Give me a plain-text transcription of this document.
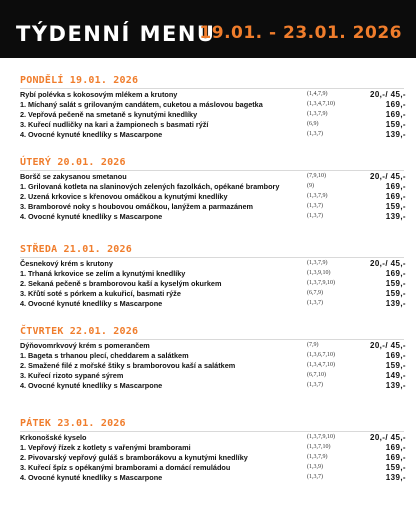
TÝDENNÍ MENU
19.01. - 23.01. 2026
PONDĚLÍ 19.01. 2026
Rybí polévka s kokosovým mlékem a krutony	(1,4,7,9)	20,-/ 45,-
1. Míchaný salát s grilovaným candátem, cuketou a máslovou bagetka	(1,3,4,7,10)	169,-
2. Vepřová pečeně na smetaně s kynutými knedlíky	(1,3,7,9)	169,-
3. Kuřecí nudličky na kari a žampionech s basmati rýží	(6,9)	159,-
4. Ovocné kynuté knedlíky s Mascarpone	(1,3,7)	139,-
ÚTERÝ 20.01. 2026
Boršč se zakysanou smetanou	(7,9,10)	20,-/ 45,-
1. Grilovaná kotleta na slaninových zelených fazolkách, opékané brambory	(9)	169,-
2. Uzená krkovice s křenovou omáčkou a kynutými knedlíky	(1,3,7,9)	169,-
3. Bramborové noky s houbovou omáčkou, lanýžem a parmazánem	(1,3,7)	159,-
4. Ovocné kynuté knedlíky s Mascarpone	(1,3,7)	139,-
STŘEDA 21.01. 2026
Česnekový krém s krutony	(1,3,7,9)	20,-/ 45,-
1. Trhaná krkovice se zelím a kynutými knedlíky	(1,3,9,10)	169,-
2. Sekaná pečeně s bramborovou kaší a kyselým okurkem	(1,3,7,9,10)	159,-
3. Křůtí soté s pórkem a kukuřicí, basmati rýže	(6,7,9)	159,-
4. Ovocné kynuté knedlíky s Mascarpone	(1,3,7)	139,-
ČTVRTEK 22.01. 2026
Dýňovomrkvový krém s pomerančem	(7,9)	20,-/ 45,-
1. Bageta s trhanou plecí, cheddarem a salátkem	(1,3,6,7,10)	169,-
2. Smažené filé z mořské štiky s bramborovou kaší a salátkem	(1,3,4,7,10)	159,-
3. Kuřecí rizoto sypané sýrem	(6,7,10)	149,-
4. Ovocné kynuté knedlíky s Mascarpone	(1,3,7)	139,-
PÁTEK 23.01. 2026
Krkonošské kyselo	(1,3,7,9,10)	20,-/ 45,-
1. Vepřový řízek z kotlety s vařenými bramborami	(1,3,7,10)	169,-
2. Pivovarský vepřový guláš s bramborákovu a kynutými knedlíky	(1,3,7,9)	169,-
3. Kuřecí špíz s opékanými bramborami a domácí remuládou	(1,3,9)	159,-
4. Ovocné kynuté knedlíky s Mascarpone	(1,3,7)	139,-
